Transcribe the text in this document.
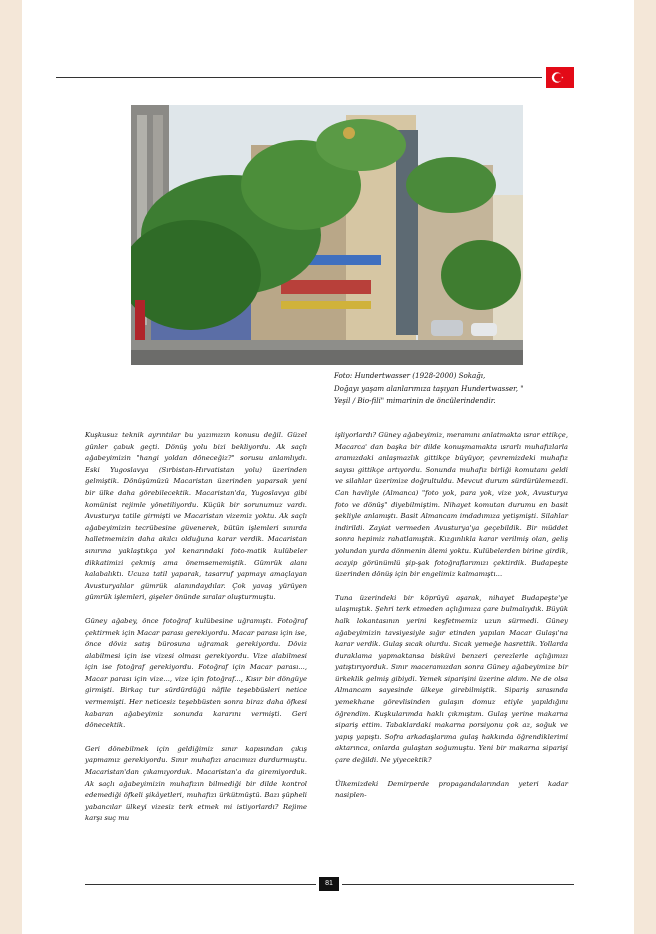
Foto: Hundertwasser (1928-2000) Sokağı,
Doğayı yaşam alanlarımıza taşıyan Hundertwasser, "
Yeşil / Bio-fili" mimarinin de öncülerindendir.

Kuşkusuz teknik ayrıntılar bu yazımızın konusu değil. Güzel günler çabuk geçti. Dönüş yolu bizi bekliyordu. Ak saçlı ağabeyimizin "hangi yoldan döneceğiz?" sorusu anlamlıydı. Eski Yugoslavya (Sırbistan-Hırvatistan yolu) üzerinden gelmiştik. Dönüşümüzü Macaristan üzerinden yaparsak yeni bir ülke daha görebilecektik. Macaristan'da, Yugoslavya gibi komünist rejimle yönetiliyordu. Küçük bir sorunumuz vardı. Avusturya tatile girmişti ve Macaristan vizemiz yoktu. Ak saçlı ağabeyimizin tecrübesine güvenerek, bütün işlemleri sınırda halletmemizin daha akılcı olduğuna karar verdik. Macaristan sınırına yaklaştıkça yol kenarındaki foto-matik kulübeler dikkatimizi çekmiş ama önemsememiştik. Gümrük alanı kalabalıktı. Ucuza tatil yaparak, tasarruf yapmayı amaçlayan Avusturyalılar gümrük alanındaydılar. Çok yavaş yürüyen gümrük işlemleri, gişeler önünde sıralar oluşturmuştu.

Güney ağabey, önce fotoğraf kulübesine uğramıştı. Fotoğraf çektirmek için Macar parası gerekiyordu. Macar parası için ise, önce döviz satış bürosuna uğramak gerekiyordu. Döviz alabilmesi için ise vizesi olması gerekiyordu. Vize alabilmesi için ise fotoğraf gerekiyordu. Fotoğraf için Macar parası..., Macar parası için vize..., vize için fotoğraf..., Kısır bir döngüye girmişti. Birkaç tur sürdürdüğü nâfile teşebbüsleri netice vermemişti. Her neticesiz teşebbüsten sonra biraz daha öfkesi kabaran ağabeyimiz sonunda kararını vermişti. Geri dönecektik.

Geri dönebilmek için geldiğimiz sınır kapısından çıkış yapmamız gerekiyordu. Sınır muhafızı aracımızı durdurmuştu. Macaristan'dan çıkamıyorduk. Macaristan'a da giremiyorduk. Ak saçlı ağabeyimizin muhafızın bilmediği bir dilde kontrol edemediği öfkeli şikâyetleri, muhafızı ürkütmüştü. Bazı şüpheli yabancılar ülkeyi vizesiz terk etmek mi istiyorlardı? Rejime karşı suç mu

işliyorlardı? Güney ağabeyimiz, meramını anlatmakta ısrar ettikçe, Macarca' dan başka bir dilde konuşmamakta ısrarlı muhafızlarla aramızdaki anlaşmazlık gittikçe büyüyor, çevremizdeki muhafız sayısı gittikçe artıyordu. Sonunda muhafız birliği komutanı geldi ve silahlar üzerimize doğrultuldu. Mevcut durum sürdürülemezdi. Can havliyle (Almanca) "foto yok, para yok, vize yok, Avusturya foto ve dönüş" diyebilmiştim. Nihayet komutan durumu en basit şekliyle anlamıştı. Basit Almancam imdadımıza yetişmişti. Silahlar indirildi. Zayiat vermeden Avusturya'ya geçebildik. Bir müddet sonra hepimiz rahatlamıştık. Kızgınlıkla karar verilmiş olan, geliş yolundan yurda dönmenin âlemi yoktu. Kulübelerden birine girdik, acayip görünümlü şip-şak fotoğraflarımızı çektirdik. Budapeşte üzerinden dönüş için bir engelimiz kalmamıştı...

Tuna üzerindeki bir köprüyü aşarak, nihayet Budapeşte'ye ulaşmıştık. Şehri terk etmeden açlığımıza çare bulmalıydık. Büyük halk lokantasının yerini keşfetmemiz uzun sürmedi. Güney ağabeyimizin tavsiyesiyle sığır etinden yapılan Macar Gulaşı'na karar verdik. Gulaş sıcak olurdu. Sıcak yemeğe hasrettik. Yollarda duraklama yapmaktansa bisküvi benzeri çerezlerle açlığımızı yatıştırıyorduk. Sınır maceramızdan sonra Güney ağabeyimize bir ürkeklik gelmiş gibiydi. Yemek siparişini üzerine aldım. Ne de olsa Almancam sayesinde ülkeye girebilmiştik. Sipariş sırasında yemekhane görevlisinden gulaşın domuz etiyle yapıldığını öğrendim. Kuşkularımda haklı çıkmıştım. Gulaş yerine makarna sipariş ettim. Tabaklardaki makarna porsiyonu çok az, soğuk ve yapış yapıştı. Sofra arkadaşlarıma gulaş hakkında öğrendiklerimi aktarınca, onlarda gulaştan soğumuştu. Yeni bir makarna siparişi çare değildi. Ne yiyecektik?

Ülkemizdeki Demirperde propagandalarından yeteri kadar nasiplen-

81
